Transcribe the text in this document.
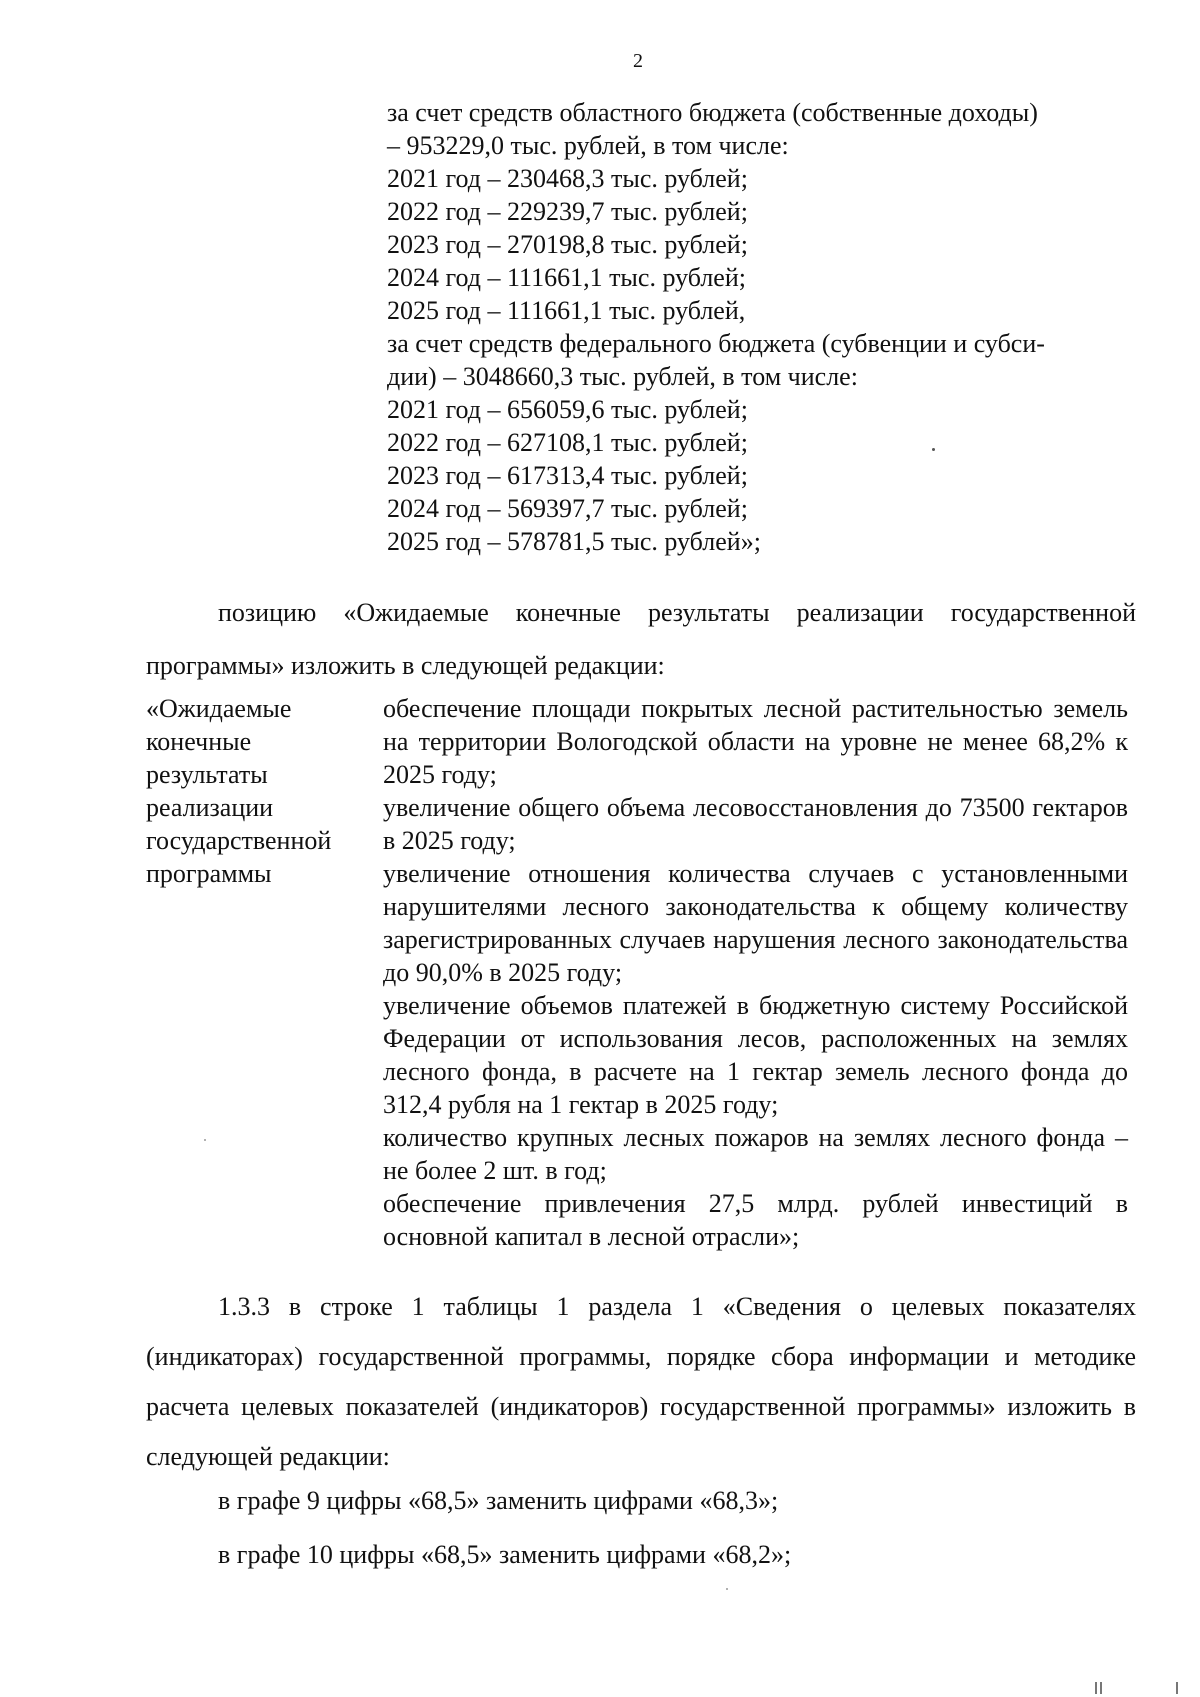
2
за счет средств областного бюджета (собственные доходы)
– 953229,0 тыс. рублей, в том числе:
2021 год – 230468,3 тыс. рублей;
2022 год – 229239,7 тыс. рублей;
2023 год – 270198,8 тыс. рублей;
2024 год – 111661,1 тыс. рублей;
2025 год – 111661,1 тыс. рублей,
за счет средств федерального бюджета (субвенции и субси-
дии) – 3048660,3 тыс. рублей, в том числе:
2021 год – 656059,6 тыс. рублей;
2022 год – 627108,1 тыс. рублей;
2023 год – 617313,4 тыс. рублей;
2024 год – 569397,7 тыс. рублей;
2025 год – 578781,5 тыс. рублей»;

позицию «Ожидаемые конечные результаты реализации государственной программы» изложить в следующей редакции:

«Ожидаемые
конечные
результаты
реализации
государственной
программы
обеспечение площади покрытых лесной растительностью земель на территории Вологодской области на уровне не менее 68,2% к 2025 году;
увеличение общего объема лесовосстановления до 73500 гектаров в 2025 году;
увеличение отношения количества случаев с установленными нарушителями лесного законодательства к общему количеству зарегистрированных случаев нарушения лесного законодательства до 90,0% в 2025 году;
увеличение объемов платежей в бюджетную систему Российской Федерации от использования лесов, расположенных на землях лесного фонда, в расчете на 1 гектар земель лесного фонда до 312,4 рубля на 1 гектар в 2025 году;
количество крупных лесных пожаров на землях лесного фонда – не более 2 шт. в год;
обеспечение привлечения 27,5 млрд. рублей инвестиций в основной капитал в лесной отрасли»;

1.3.3 в строке 1 таблицы 1 раздела 1 «Сведения о целевых показателях (индикаторах) государственной программы, порядке сбора информации и методике расчета целевых показателей (индикаторов) государственной программы» изложить в следующей редакции:

в графе 9 цифры «68,5» заменить цифрами «68,3»;
в графе 10 цифры «68,5» заменить цифрами «68,2»;
